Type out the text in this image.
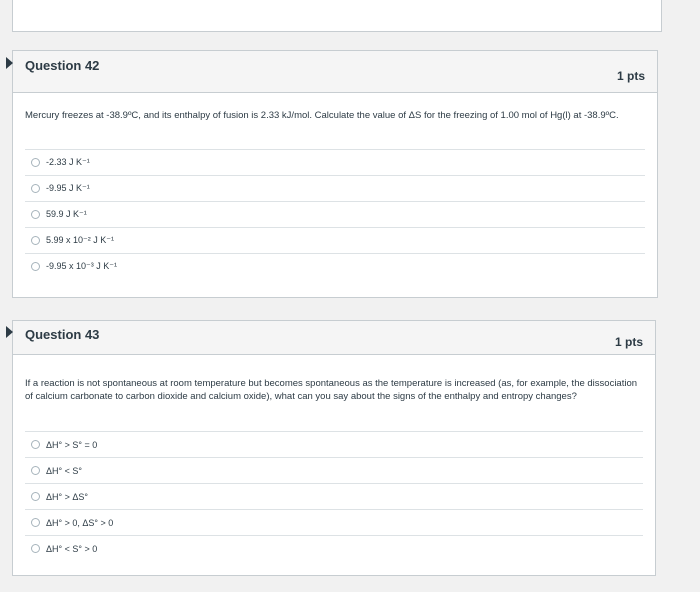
Question 42
1 pts
Mercury freezes at -38.9ºC, and its enthalpy of fusion is 2.33 kJ/mol. Calculate the value of ΔS for the freezing of 1.00 mol of Hg(l) at -38.9ºC.
-2.33 J K⁻¹
-9.95 J K⁻¹
59.9 J K⁻¹
5.99 x 10⁻² J K⁻¹
-9.95 x 10⁻³ J K⁻¹
Question 43	1 pts
If a reaction is not spontaneous at room temperature but becomes spontaneous as the temperature is increased (as, for example, the dissociation of calcium carbonate to carbon dioxide and calcium oxide), what can you say about the signs of the enthalpy and entropy changes?
ΔH° > S° = 0
ΔH° < S°
ΔH° > ΔS°
ΔH° > 0, ΔS° > 0
ΔH° < S° > 0
